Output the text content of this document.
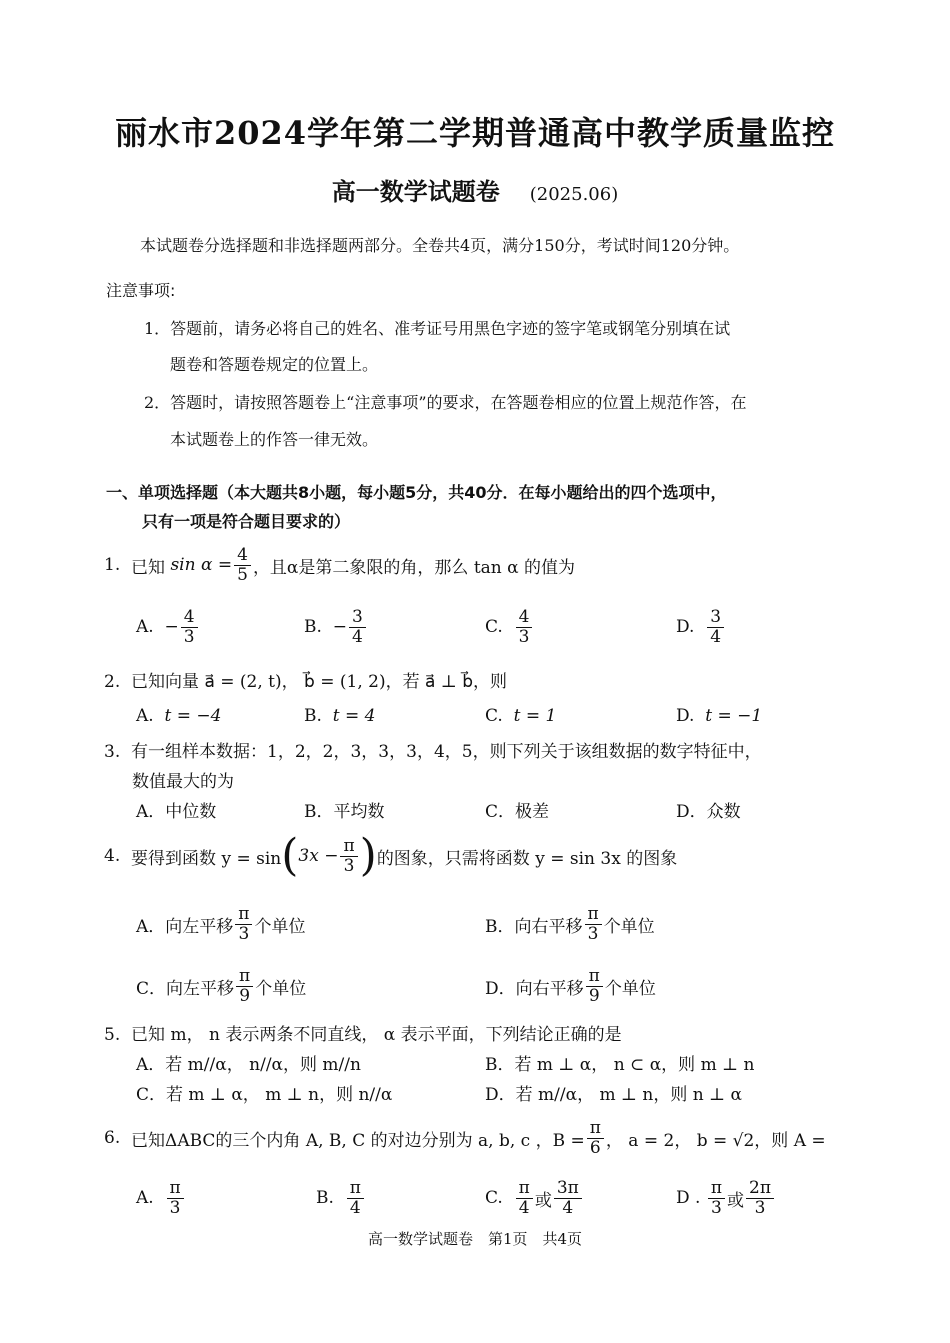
丽水市2024学年第二学期普通高中教学质量监控
高一数学试题卷 (2025.06)
本试题卷分选择题和非选择题两部分。全卷共4页，满分150分，考试时间120分钟。
注意事项:
1．答题前，请务必将自己的姓名、准考证号用黑色字迹的签字笔或钢笔分别填在试
题卷和答题卷规定的位置上。
2．答题时，请按照答题卷上“注意事项”的要求，在答题卷相应的位置上规范作答，在
本试题卷上的作答一律无效。
一、单项选择题（本大题共8小题，每小题5分，共40分．在每小题给出的四个选项中，
只有一项是符合题目要求的）
1.
已知
$\sin \alpha = \frac{4}{5}$ ，且α是第二象限的角，那么 tan α 的值为
A.
− $\frac{4}{3}$	B.
− $\frac{3}{4}$	C.
$\frac{4}{3}$	D.
$\frac{3}{4}$
2. 已知向量 a⃗ = (2, t)， b⃗ = (1, 2)，若 a⃗ ⊥ b⃗，则
A. t = −4	B. t = 4	C. t = 1	D. t = −1
3. 有一组样本数据：1，2，2，3，3，3，4，5，则下列关于该组数据的数字特征中，
数值最大的为
A．中位数	B．平均数	C．极差	D．众数
4.
要得到函数 y = sin ( $3x - \frac{\pi}{3}$ ) 的图象，只需将函数 y = sin 3x 的图象
A．向左平移 $\frac{\pi}{3}$ 个单位	B．向右平移 $\frac{\pi}{3}$ 个单位
C．向左平移 $\frac{\pi}{9}$ 个单位	D．向右平移 $\frac{\pi}{9}$ 个单位
5. 已知 m， n 表示两条不同直线， α 表示平面，下列结论正确的是
A．若 m//α， n//α，则 m//n	B．若 m ⊥ α， n ⊂ α，则 m ⊥ n
C．若 m ⊥ α， m ⊥ n，则 n//α	D．若 m//α， m ⊥ n，则 n ⊥ α
6.
已知ΔABC的三个内角 A, B, C 的对边分别为 a, b, c ，$B = \frac{\pi}{6}$ ， a = 2， b = √2，则 A =
A.
$\frac{\pi}{3}$	B.
$\frac{\pi}{4}$	C.
$\frac{\pi}{4}$ 或 $\frac{3\pi}{4}$	D .
$\frac{\pi}{3}$ 或 $\frac{2\pi}{3}$
高一数学试题卷　第1页　共4页
